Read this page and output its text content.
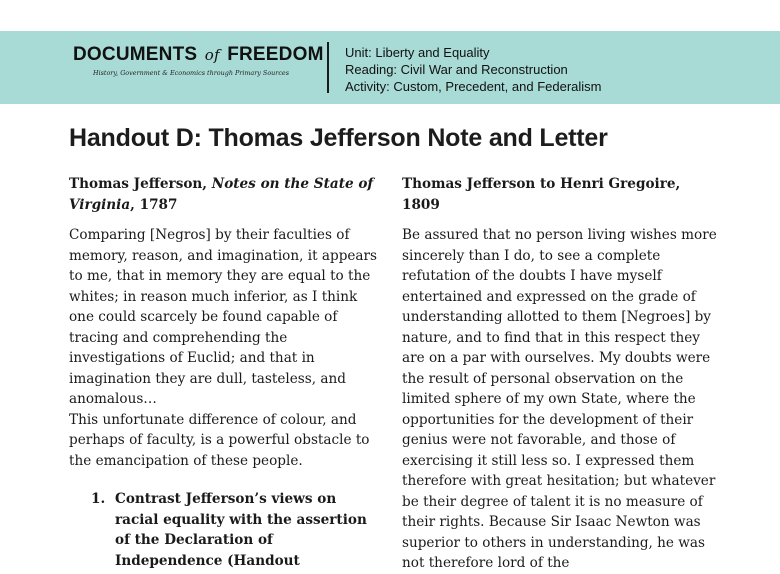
DOCUMENTS of FREEDOM
History, Government & Economics through Primary Sources
Unit: Liberty and Equality
Reading: Civil War and Reconstruction
Activity: Custom, Precedent, and Federalism
Handout D: Thomas Jefferson Note and Letter
Thomas Jefferson, Notes on the State of Virginia, 1787

Comparing [Negros] by their faculties of memory, reason, and imagination, it appears to me, that in memory they are equal to the whites; in reason much inferior, as I think one could scarcely be found capable of tracing and comprehending the investigations of Euclid; and that in imagination they are dull, tasteless, and anomalous…

This unfortunate difference of colour, and perhaps of faculty, is a powerful obstacle to the emancipation of these people.

1. Contrast Jefferson’s views on racial equality with the assertion of the Declaration of Independence (Handout
Thomas Jefferson to Henri Gregoire, 1809

Be assured that no person living wishes more sincerely than I do, to see a complete refutation of the doubts I have myself entertained and expressed on the grade of understanding allotted to them [Negroes] by nature, and to find that in this respect they are on a par with ourselves. My doubts were the result of personal observation on the limited sphere of my own State, where the opportunities for the development of their genius were not favorable, and those of exercising it still less so. I expressed them therefore with great hesitation; but whatever be their degree of talent it is no measure of their rights. Because Sir Isaac Newton was superior to others in understanding, he was not therefore lord of the
